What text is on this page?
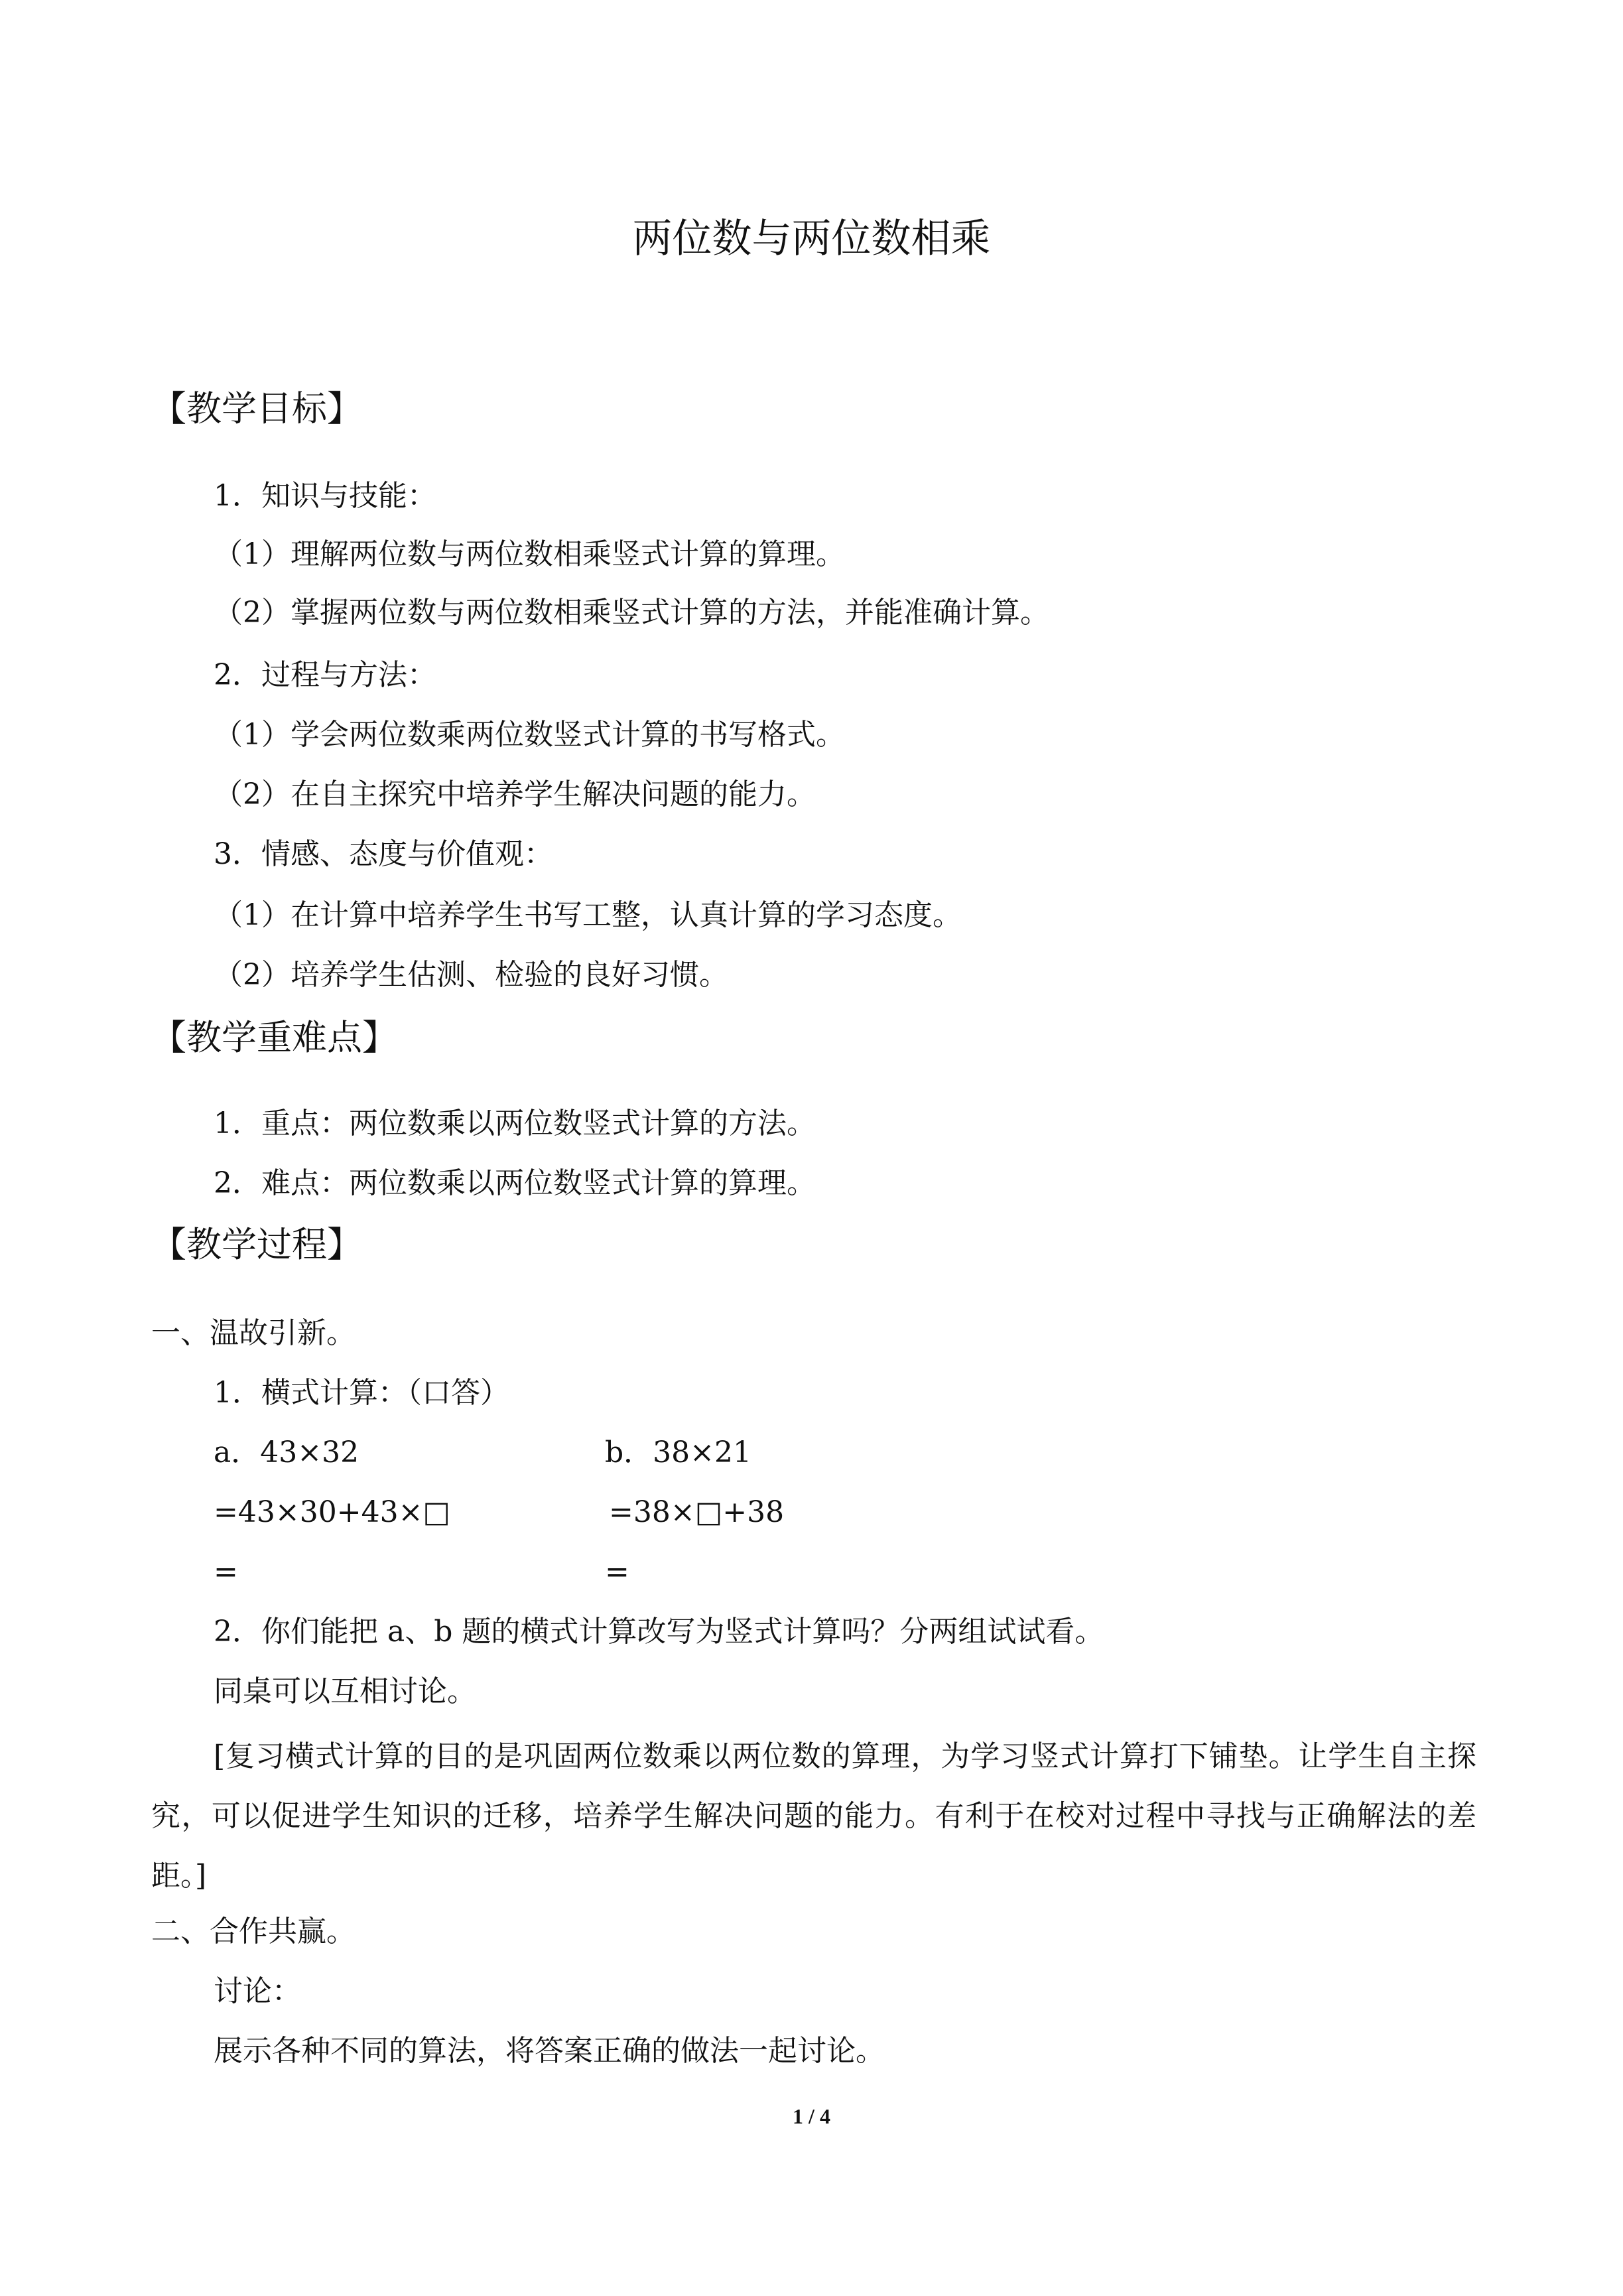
两位数与两位数相乘
【教学目标】
1．知识与技能：
（1）理解两位数与两位数相乘竖式计算的算理。
（2）掌握两位数与两位数相乘竖式计算的方法，并能准确计算。
2．过程与方法：
（1）学会两位数乘两位数竖式计算的书写格式。
（2）在自主探究中培养学生解决问题的能力。
3．情感、态度与价值观：
（1）在计算中培养学生书写工整，认真计算的学习态度。
（2）培养学生估测、检验的良好习惯。
【教学重难点】
1．重点：两位数乘以两位数竖式计算的方法。
2．难点：两位数乘以两位数竖式计算的算理。
【教学过程】
一、温故引新。
1．横式计算：（口答）
a．43×32
=43×30+43×□
=
b．38×21
=38×□+38
=
2．你们能把 a、b 题的横式计算改写为竖式计算吗？分两组试试看。
同桌可以互相讨论。
[复习横式计算的目的是巩固两位数乘以两位数的算理，为学习竖式计算打下铺垫。让学生自主探究，可以促进学生知识的迁移，培养学生解决问题的能力。有利于在校对过程中寻找与正确解法的差距。]
二、合作共赢。
讨论：
展示各种不同的算法，将答案正确的做法一起讨论。
1 / 4
